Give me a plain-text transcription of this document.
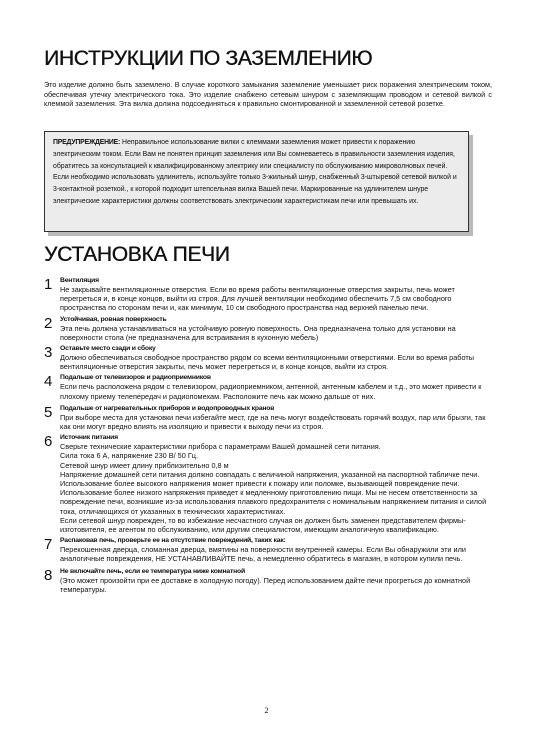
ИНСТРУКЦИИ ПО ЗАЗЕМЛЕНИЮ

Это изделие должно быть заземлено. В случае короткого замыкания заземление уменьшает риск поражения электрическим током, обеспечивая утечку электрического тока. Это изделие снабжено сетевым шнуром с заземляющим проводом и сетевой вилкой с клеммой заземления. Эта вилка должна подсоединяться к правильно смонтированной и заземленной сетевой розетке.

ПРЕДУПРЕЖДЕНИЕ: Неправильное использование вилки с клеммами заземления может привести к поражению электрическим током. Если Вам не понятен принцип заземления или Вы сомневаетесь в правильности заземления изделия, обратитесь за консультацией к квалифицированному электрику или специалисту по обслуживанию микроволновых печей. Если необходимо использовать удлинитель, используйте только 3-жильный шнур, снабженный 3-штыревой сетевой вилкой и 3-контактной розеткой., к которой подходит штепсельная вилка Вашей печи. Маркированные на удлинителем шнуре электрические характеристики должны соответствовать электрическим характеристикам печи или превышать их.

УСТАНОВКА ПЕЧИ
1 Вентиляция

Не закрывайте вентиляционные отверстия. Если во время работы вентиляционные отверстия закрыты, печь может перегреться и, в конце концов, выйти из строя. Для лучшей вентиляции необходимо обеспечить 7,5 см свободного пространства по сторонам печи и, как минимум, 10 см свободного пространства над верхней панелью печи.

2 Устойчивая, ровная поверхность

Эта печь должна устанавливаться на устойчивую ровную поверхность. Она предназначена только для установки на поверхности стола (не предназначена для встраивания в кухонную мебель)

3 Оставьте место сзади и сбоку

Должно обеспечиваться свободное пространство рядом со всеми вентиляционными отверстиями. Если во время работы вентиляционные отверстия закрыты, печь может перегреться и, в конце концов, выйти из строя.

4 Подальше от телевизоров и радиоприемников

Если печь расположена рядом с телевизором, радиоприемником, антенной, антенным кабелем и т.д., это может привести к плохому приему телепередач и радиопомехам. Расположите печь как можно дальше от них.

5 Подальше от нагревательных приборов и водопроводных кранов

При выборе места для установки печи избегайте мест, где на печь могут воздействовать горячий воздух, пар или брызги, так как они могут вредно влиять на изоляцию и привести к выходу печи из строя.

6 Источник питания

Сверьте технические характеристики прибора с параметрами Вашей домашней сети питания.

Сила тока 6 А, напряжение 230 В/ 50 Гц.

Сетевой шнур имеет длину приблизительно 0,8 м

Напряжение домашней сети питания должно совпадать с величиной напряжения, указанной на паспортной табличке печи. Использование более высокого напряжения может привести к пожару или поломке, вызывающей повреждение печи. Использование более низкого напряжения приведет к медленному приготовлению пищи. Мы не несем ответственности за повреждение печи, возникшие из-за использования плавкого предохранителя с номинальным напряжением питания и силой тока, отличающихся от указанных в технических характеристиках.

Если сетевой шнур поврежден, то во избежание несчастного случая он должен быть заменен представителем фирмы-изготовителя, ее агентом по обслуживанию, или другим специалистом, имеющим аналогичную квалификацию.

7 Распаковав печь, проверьте ее на отсутствие повреждений, таких как:

Перекошенная дверца, сломанная дверца, вмятины на поверхности внутренней камеры. Если Вы обнаружили эти или аналогичные повреждения, НЕ УСТАНАВЛИВАЙТЕ печь, а немедленно обратитесь в магазин, в котором купили печь.

8 Не включайте печь, если ее температура ниже комнатной

(Это может произойти при ее доставке в холодную погоду). Перед использованием дайте печи прогреться до комнатной температуры.

2
